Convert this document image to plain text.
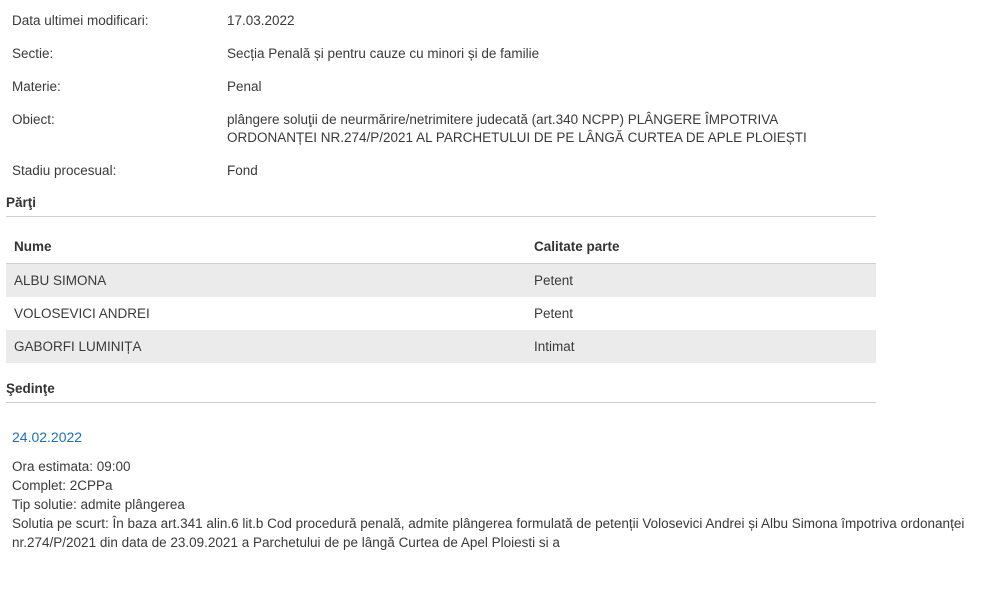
Data ultimei modificari:	17.03.2022
Sectie:	Secția Penală și pentru cauze cu minori și de familie
Materie:	Penal
Obiect:	plângere soluţii de neurmărire/netrimitere judecată (art.340 NCPP) PLÂNGERE ÎMPOTRIVA ORDONANȚEI NR.274/P/2021 AL PARCHETULUI DE PE LÂNGĂ CURTEA DE APLE PLOIEȘTI
Stadiu procesual:	Fond
Părţi
Nume	Calitate parte
ALBU SIMONA	Petent
VOLOSEVICI ANDREI	Petent
GABORFI LUMINIȚA	Intimat
Şedinţe
24.02.2022
Ora estimata: 09:00
Complet: 2CPPa
Tip solutie: admite plângerea
Solutia pe scurt: În baza art.341 alin.6 lit.b Cod procedură penală, admite plângerea formulată de petenții Volosevici Andrei și Albu Simona împotriva ordonanței nr.274/P/2021 din data de 23.09.2021 a Parchetului de pe lângă Curtea de Apel Ploiesti si a
